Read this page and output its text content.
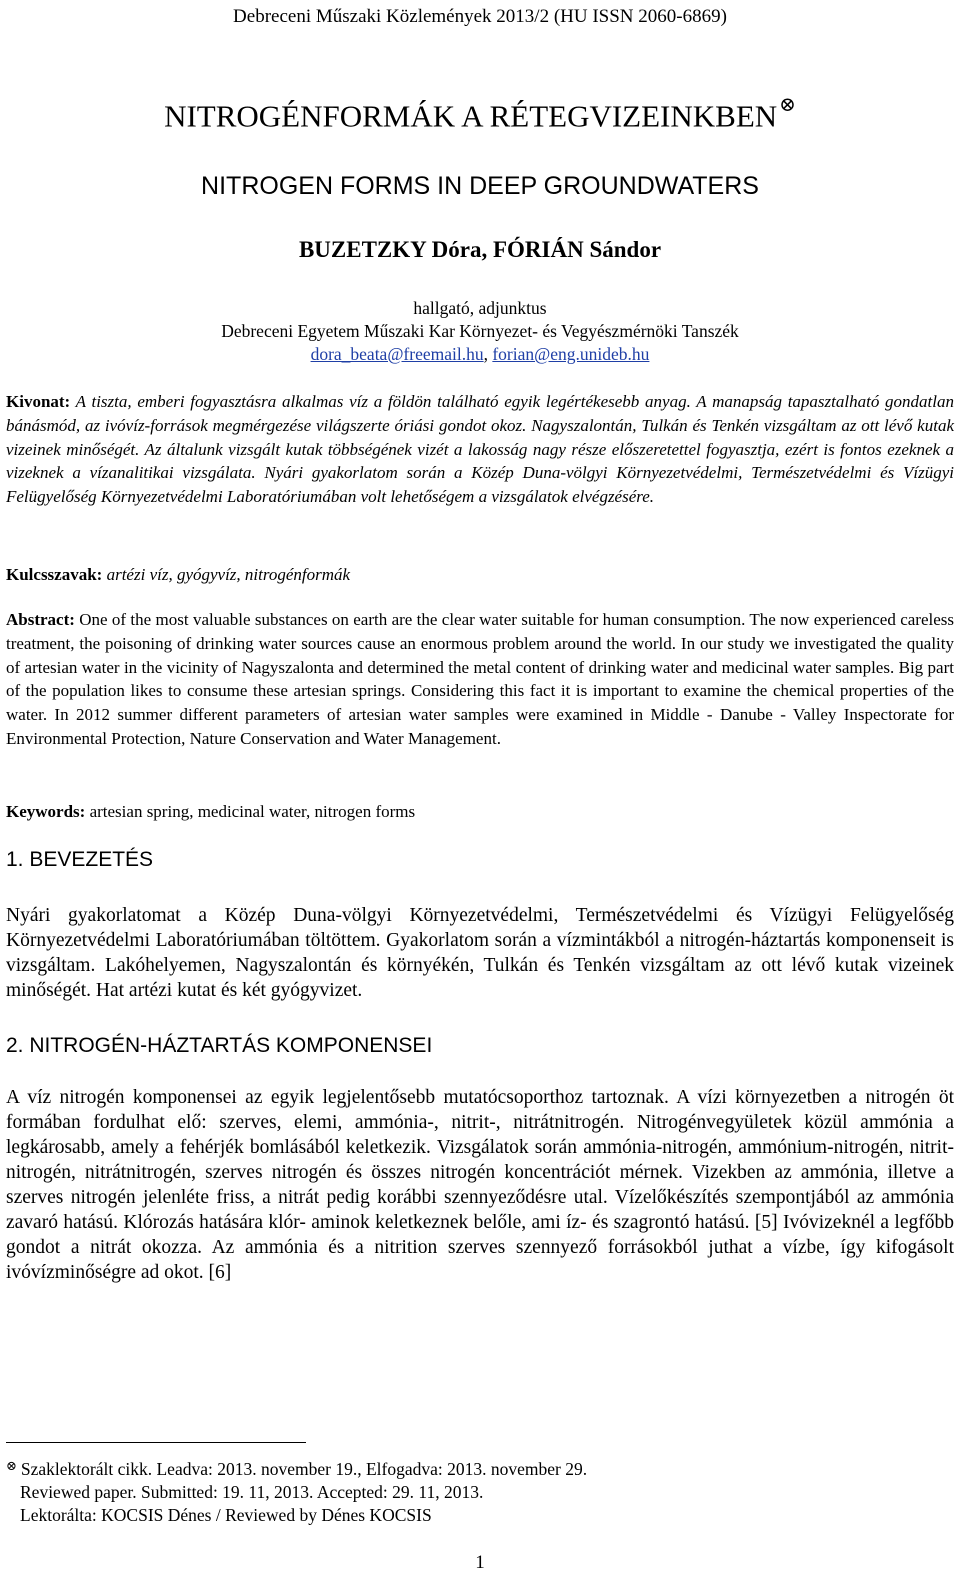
Debreceni Műszaki Közlemények 2013/2 (HU ISSN 2060-6869)
NITROGÉNFORMÁK A RÉTEGVIZEINKBEN ⊗
NITROGEN FORMS IN DEEP GROUNDWATERS
BUZETZKY Dóra, FÓRIÁN Sándor
hallgató, adjunktus
Debreceni Egyetem Műszaki Kar Környezet- és Vegyészmérnöki Tanszék
dora_beata@freemail.hu, forian@eng.unideb.hu
Kivonat: A tiszta, emberi fogyasztásra alkalmas víz a földön található egyik legértékesebb anyag. A manapság tapasztalható gondatlan bánásmód, az ivóvíz-források megmérgezése világszerte óriási gondot okoz. Nagyszalontán, Tulkán és Tenkén vizsgáltam az ott lévő kutak vizeinek minőségét. Az általunk vizsgált kutak többségének vizét a lakosság nagy része előszeretettel fogyasztja, ezért is fontos ezeknek a vizeknek a vízanalitikai vizsgálata. Nyári gyakorlatom során a Közép Duna-völgyi Környezetvédelmi, Természetvédelmi és Vízügyi Felügyelőség Környezetvédelmi Laboratóriumában volt lehetőségem a vizsgálatok elvégzésére.
Kulcsszavak: artézi víz, gyógyvíz, nitrogénformák
Abstract: One of the most valuable substances on earth are the clear water suitable for human consumption. The now experienced careless treatment, the poisoning of drinking water sources cause an enormous problem around the world. In our study we investigated the quality of artesian water in the vicinity of Nagyszalonta and determined the metal content of drinking water and medicinal water samples. Big part of the population likes to consume these artesian springs. Considering this fact it is important to examine the chemical properties of the water. In 2012 summer different parameters of artesian water samples were examined in Middle - Danube - Valley Inspectorate for Environmental Protection, Nature Conservation and Water Management.
Keywords: artesian spring, medicinal water, nitrogen forms
1. BEVEZETÉS
Nyári gyakorlatomat a Közép Duna-völgyi Környezetvédelmi, Természetvédelmi és Vízügyi Felügyelőség Környezetvédelmi Laboratóriumában töltöttem. Gyakorlatom során a vízmintákból a nitrogén-háztartás komponenseit is vizsgáltam. Lakóhelyemen, Nagyszalontán és környékén, Tulkán és Tenkén vizsgáltam az ott lévő kutak vizeinek minőségét. Hat artézi kutat és két gyógyvizet.
2. NITROGÉN-HÁZTARTÁS KOMPONENSEI
A víz nitrogén komponensei az egyik legjelentősebb mutatócsoporthoz tartoznak. A vízi környezetben a nitrogén öt formában fordulhat elő: szerves, elemi, ammónia-, nitrit-, nitrátnitrogén. Nitrogénvegyületek közül ammónia a legkárosabb, amely a fehérjék bomlásából keletkezik. Vizsgálatok során ammónia-nitrogén, ammónium-nitrogén, nitrit-nitrogén, nitrátnitrogén, szerves nitrogén és összes nitrogén koncentrációt mérnek. Vizekben az ammónia, illetve a szerves nitrogén jelenléte friss, a nitrát pedig korábbi szennyeződésre utal. Vízelőkészítés szempontjából az ammónia zavaró hatású. Klórozás hatására klór- aminok keletkeznek belőle, ami íz- és szagrontó hatású. [5] Ivóvizeknél a legfőbb gondot a nitrát okozza. Az ammónia és a nitrition szerves szennyező forrásokból juthat a vízbe, így kifogásolt ivóvízminőségre ad okot. [6]
⊗ Szaklektorált cikk. Leadva: 2013. november 19., Elfogadva: 2013. november 29.
Reviewed paper. Submitted: 19. 11, 2013. Accepted: 29. 11, 2013.
Lektorálta: KOCSIS Dénes / Reviewed by Dénes KOCSIS
1
